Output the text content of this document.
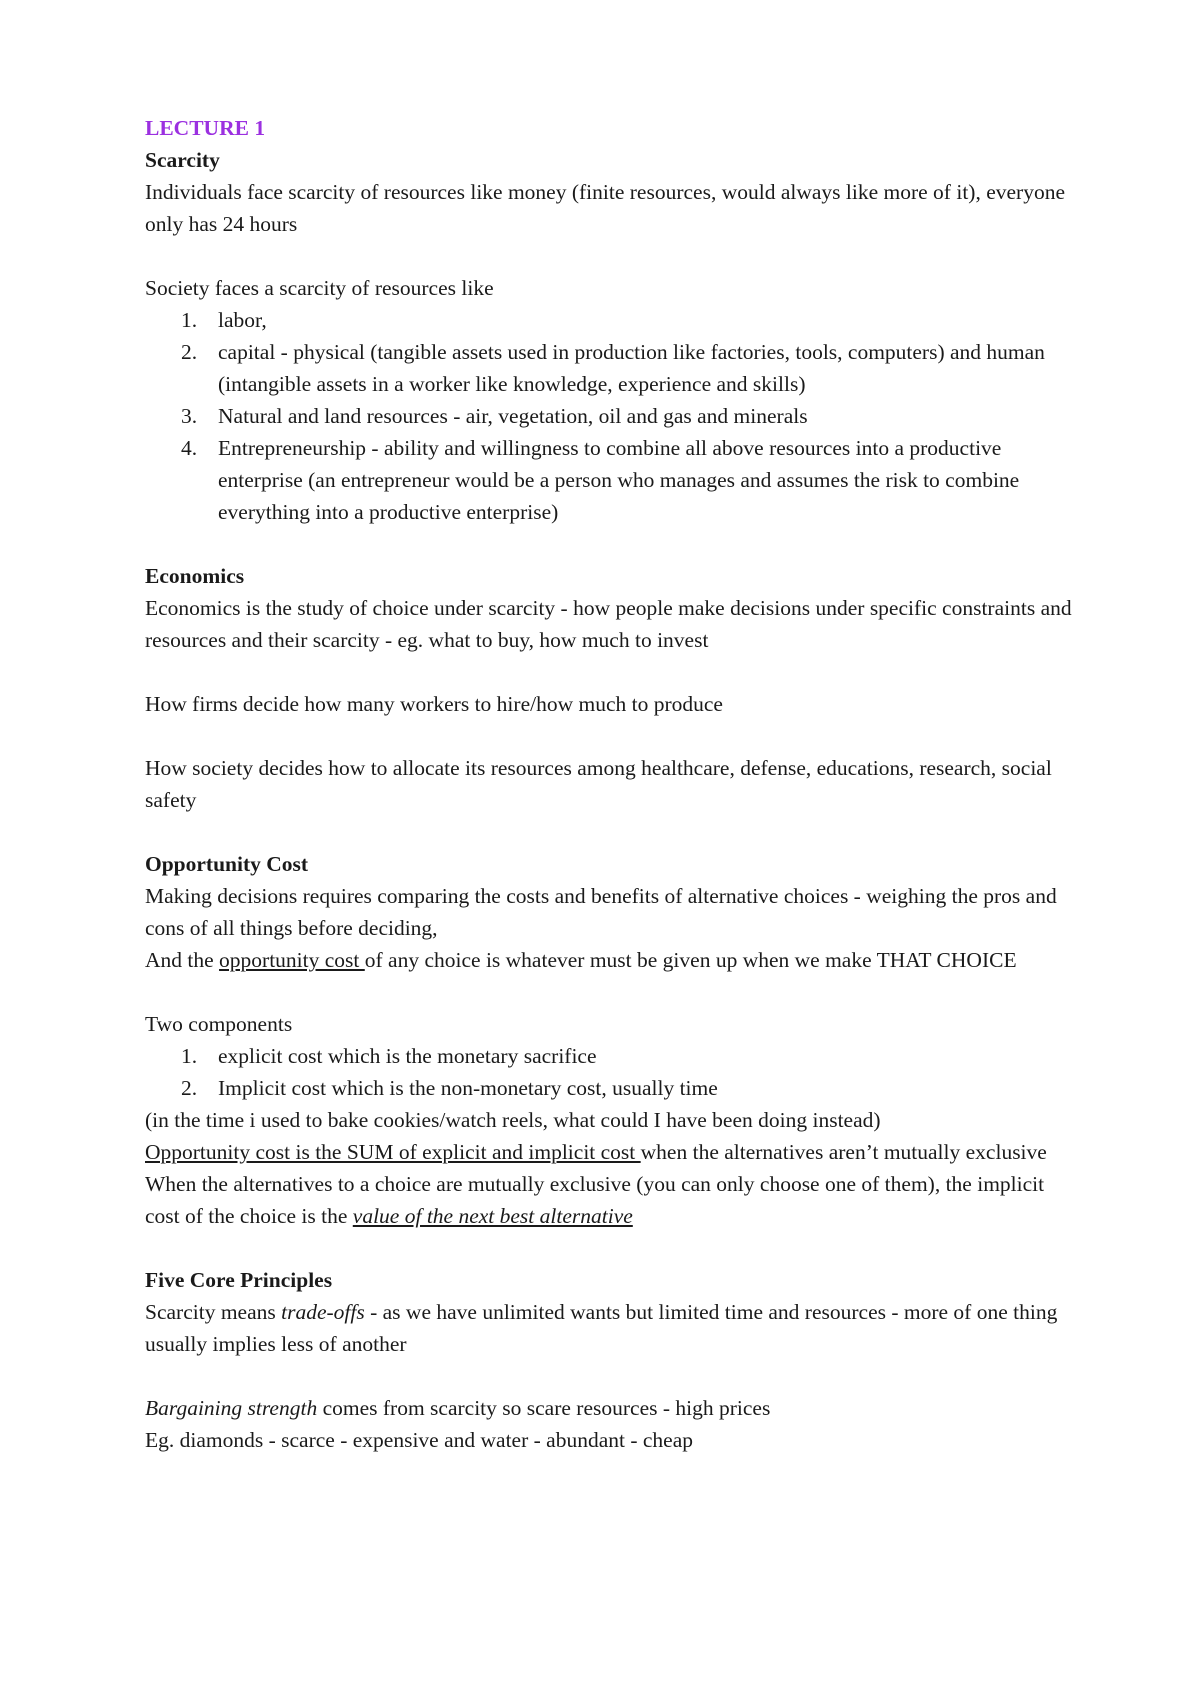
LECTURE 1
Scarcity
Individuals face scarcity of resources like money (finite resources, would always like more of it), everyone only has 24 hours
Society faces a scarcity of resources like
1. labor,
2. capital - physical (tangible assets used in production like factories, tools, computers) and human (intangible assets in a worker like knowledge, experience and skills)
3. Natural and land resources - air, vegetation, oil and gas and minerals
4. Entrepreneurship - ability and willingness to combine all above resources into a productive enterprise (an entrepreneur would be a person who manages and assumes the risk to combine everything into a productive enterprise)
Economics
Economics is the study of choice under scarcity - how people make decisions under specific constraints and resources and their scarcity - eg. what to buy, how much to invest
How firms decide how many workers to hire/how much to produce
How society decides how to allocate its resources among healthcare, defense, educations, research, social safety
Opportunity Cost
Making decisions requires comparing the costs and benefits of alternative choices - weighing the pros and cons of all things before deciding,
And the opportunity cost of any choice is whatever must be given up when we make THAT CHOICE
Two components
1. explicit cost which is the monetary sacrifice
2. Implicit cost which is the non-monetary cost, usually time
(in the time i used to bake cookies/watch reels, what could I have been doing instead)
Opportunity cost is the SUM of explicit and implicit cost when the alternatives aren’t mutually exclusive
When the alternatives to a choice are mutually exclusive (you can only choose one of them), the implicit cost of the choice is the value of the next best alternative
Five Core Principles
Scarcity means trade-offs - as we have unlimited wants but limited time and resources - more of one thing usually implies less of another
Bargaining strength comes from scarcity so scare resources - high prices
Eg. diamonds - scarce - expensive and water - abundant - cheap
